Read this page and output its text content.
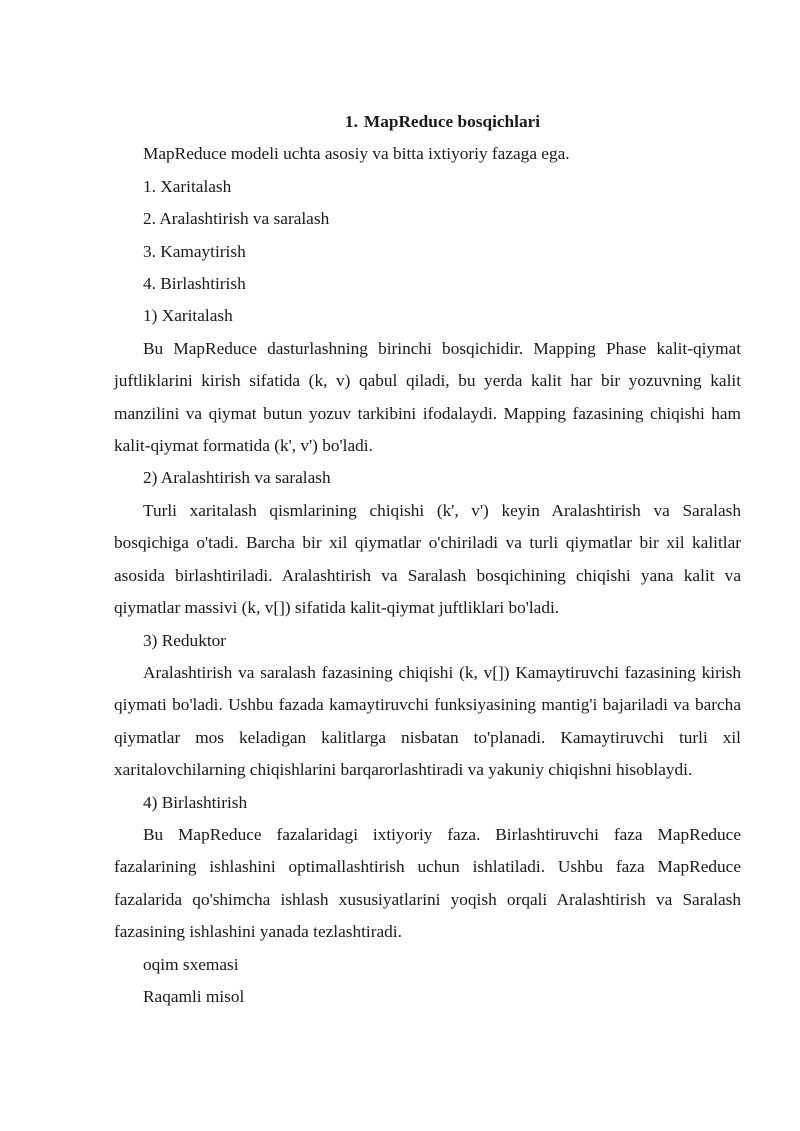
1. MapReduce bosqichlari

MapReduce modeli uchta asosiy va bitta ixtiyoriy fazaga ega.

1. Xaritalash

2. Aralashtirish va saralash

3. Kamaytirish

4. Birlashtirish

1) Xaritalash

Bu MapReduce dasturlashning birinchi bosqichidir. Mapping Phase kalit-qiymat juftliklarini kirish sifatida (k, v) qabul qiladi, bu yerda kalit har bir yozuvning kalit manzilini va qiymat butun yozuv tarkibini ifodalaydi. Mapping fazasining chiqishi ham kalit-qiymat formatida (k', v') bo'ladi.

2) Aralashtirish va saralash

Turli xaritalash qismlarining chiqishi (k', v') keyin Aralashtirish va Saralash bosqichiga o'tadi. Barcha bir xil qiymatlar o'chiriladi va turli qiymatlar bir xil kalitlar asosida birlashtiriladi. Aralashtirish va Saralash bosqichining chiqishi yana kalit va qiymatlar massivi (k, v[]) sifatida kalit-qiymat juftliklari bo'ladi.

3) Reduktor

Aralashtirish va saralash fazasining chiqishi (k, v[]) Kamaytiruvchi fazasining kirish qiymati bo'ladi. Ushbu fazada kamaytiruvchi funksiyasining mantig'i bajariladi va barcha qiymatlar mos keladigan kalitlarga nisbatan to'planadi. Kamaytiruvchi turli xil xaritalovchilarning chiqishlarini barqarorlashtiradi va yakuniy chiqishni hisoblaydi.

4) Birlashtirish

Bu MapReduce fazalaridagi ixtiyoriy faza. Birlashtiruvchi faza MapReduce fazalarining ishlashini optimallashtirish uchun ishlatiladi. Ushbu faza MapReduce fazalarida qo'shimcha ishlash xususiyatlarini yoqish orqali Aralashtirish va Saralash fazasining ishlashini yanada tezlashtiradi.

oqim sxemasi

Raqamli misol
